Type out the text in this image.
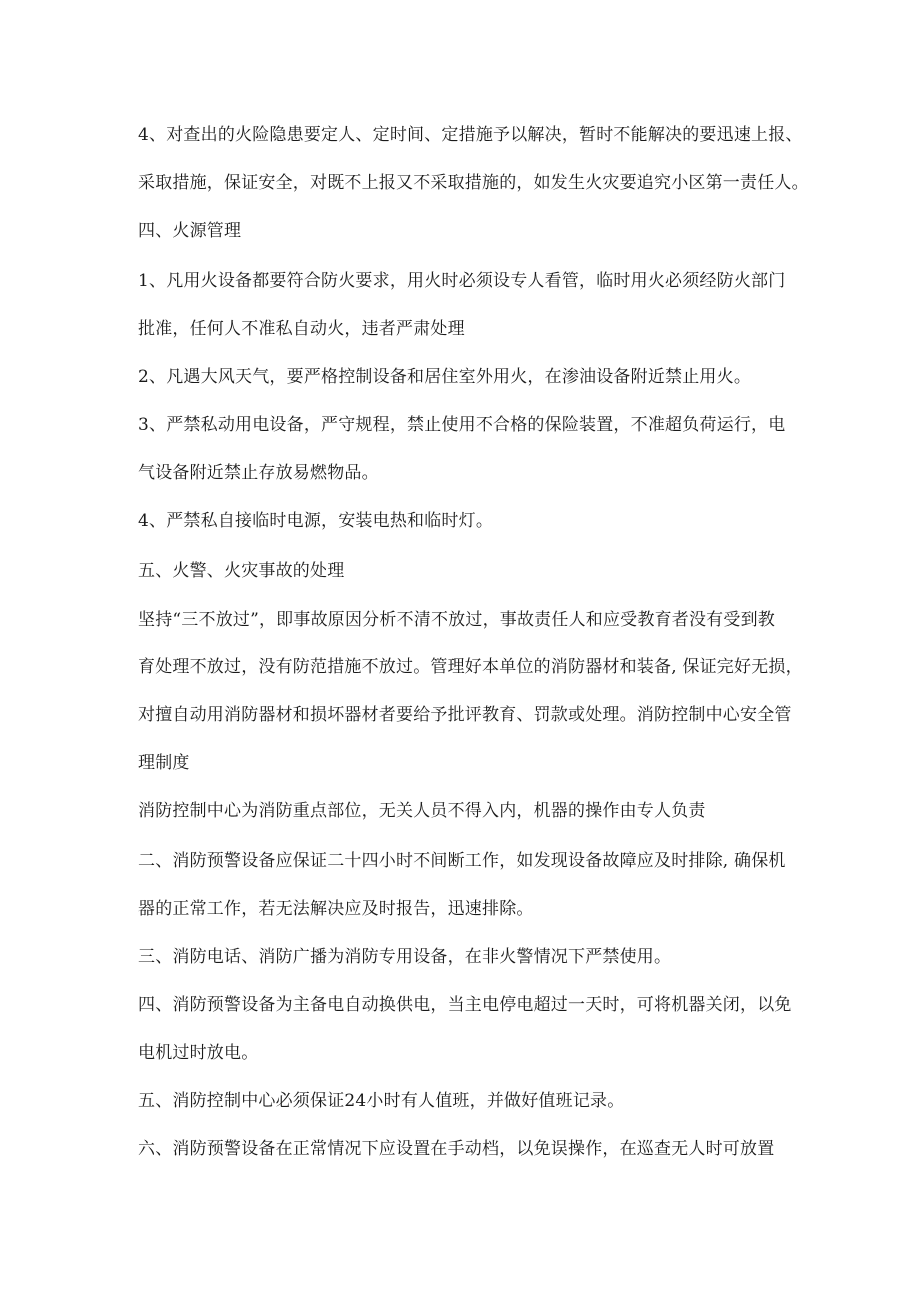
4、对查出的火险隐患要定人、定时间、定措施予以解决，暂时不能解决的要迅速上报、
采取措施，保证安全，对既不上报又不采取措施的，如发生火灾要追究小区第一责任人。
四、火源管理
1、凡用火设备都要符合防火要求，用火时必须设专人看管，临时用火必须经防火部门
批准，任何人不准私自动火，违者严肃处理
2、凡遇大风天气，要严格控制设备和居住室外用火，在渗油设备附近禁止用火。
3、严禁私动用电设备，严守规程，禁止使用不合格的保险装置，不准超负荷运行，电
气设备附近禁止存放易燃物品。
4、严禁私自接临时电源，安装电热和临时灯。
五、火警、火灾事故的处理
坚持“三不放过”，即事故原因分析不清不放过，事故责任人和应受教育者没有受到教
育处理不放过，没有防范措施不放过。管理好本单位的消防器材和装备, 保证完好无损，
对擅自动用消防器材和损坏器材者要给予批评教育、罚款或处理。消防控制中心安全管
理制度
消防控制中心为消防重点部位，无关人员不得入内，机器的操作由专人负责
二、消防预警设备应保证二十四小时不间断工作，如发现设备故障应及时排除, 确保机
器的正常工作，若无法解决应及时报告，迅速排除。
三、消防电话、消防广播为消防专用设备，在非火警情况下严禁使用。
四、消防预警设备为主备电自动换供电，当主电停电超过一天时，可将机器关闭，以免
电机过时放电。
五、消防控制中心必须保证24小时有人值班，并做好值班记录。
六、消防预警设备在正常情况下应设置在手动档，以免误操作，在巡查无人时可放置
